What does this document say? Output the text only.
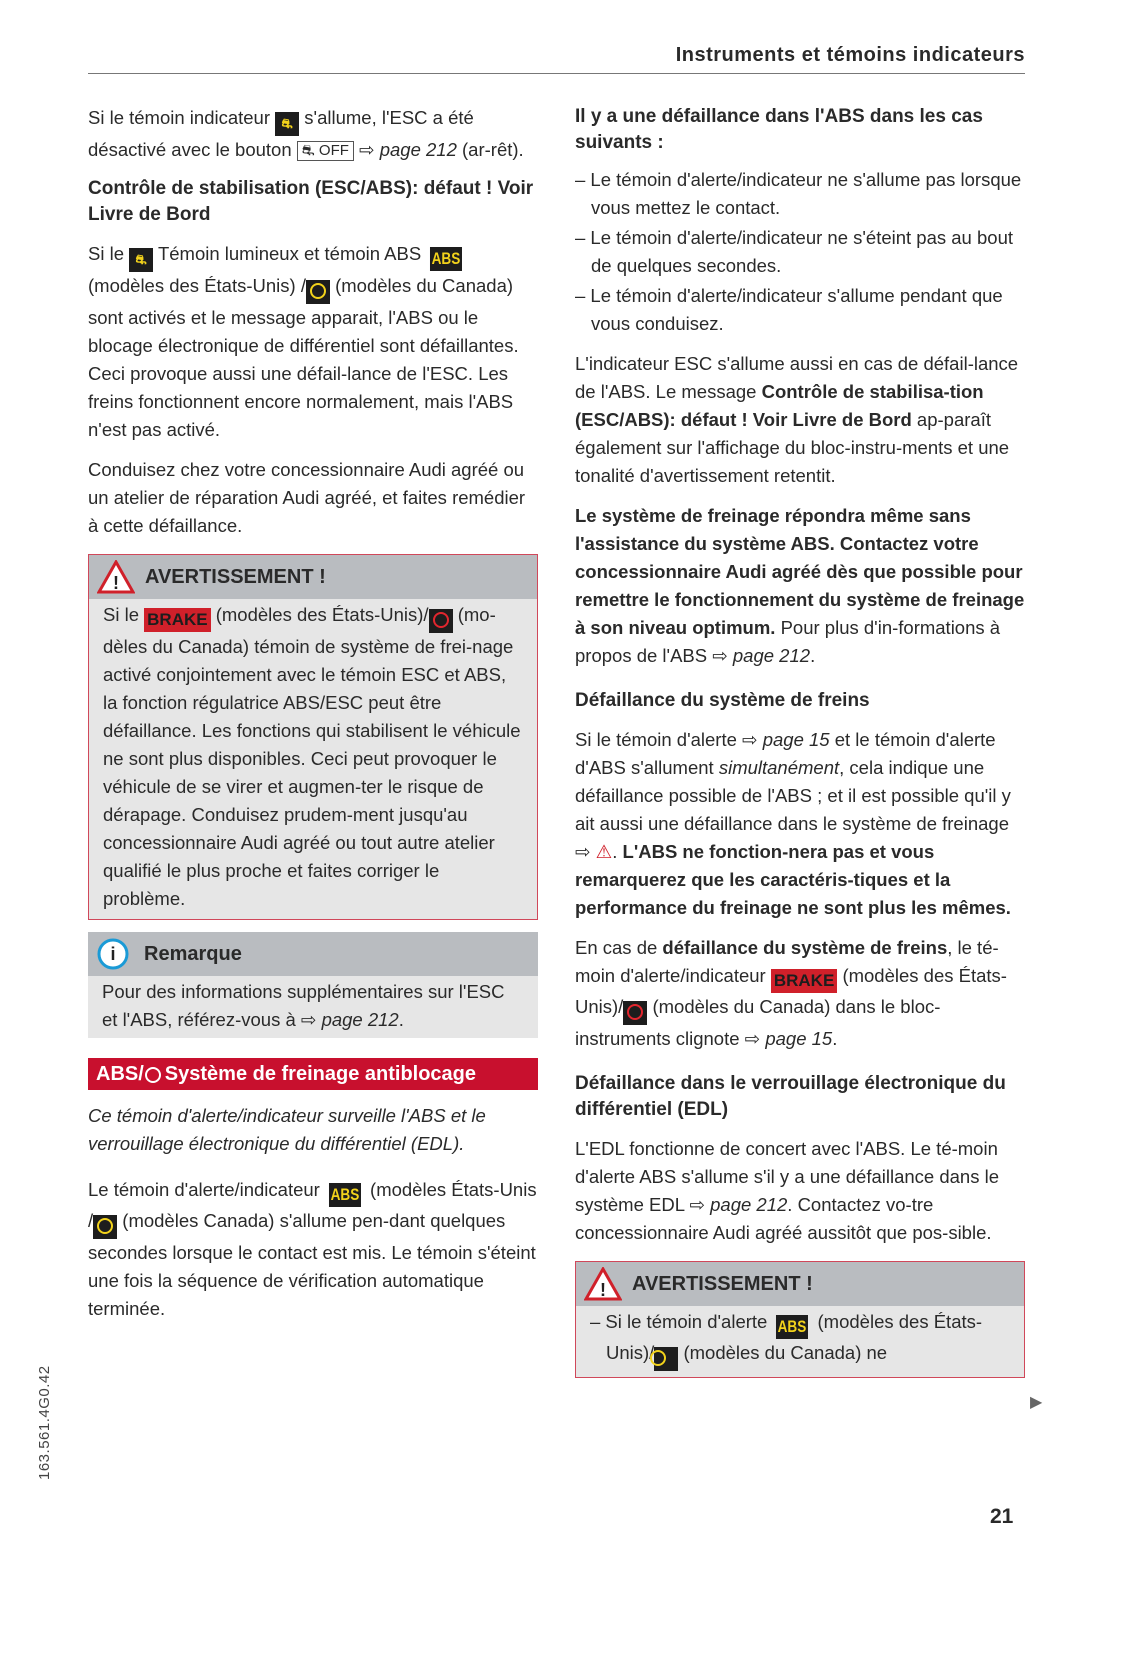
Instruments et témoins indicateurs

Si le témoin indicateur ⛐ s'allume, l'ESC a été désactivé avec le bouton ⛐ OFF ⇨ page 212 (ar-rêt).

Contrôle de stabilisation (ESC/ABS): défaut ! Voir Livre de Bord

Si le ⛐ Témoin lumineux et témoin ABS ABS (modèles des États-Unis) / (modèles du Canada) sont activés et le message apparait, l'ABS ou le blocage électronique de différentiel sont défaillantes. Ceci provoque aussi une défail-lance de l'ESC. Les freins fonctionnent encore normalement, mais l'ABS n'est pas activé.

Conduisez chez votre concessionnaire Audi agréé ou un atelier de réparation Audi agréé, et faites remédier à cette défaillance.

! AVERTISSEMENT !
Si le BRAKE (modèles des États-Unis)/ (mo-dèles du Canada) témoin de système de frei-nage activé conjointement avec le témoin ESC et ABS, la fonction régulatrice ABS/ESC peut être défaillance. Les fonctions qui stabilisent le véhicule ne sont plus disponibles. Ceci peut provoquer le véhicule de se virer et augmen-ter le risque de dérapage. Conduisez prudem-ment jusqu'au concessionnaire Audi agréé ou tout autre atelier qualifié le plus proche et faites corriger le problème.
i Remarque
Pour des informations supplémentaires sur l'ESC et l'ABS, référez-vous à ⇨ page 212.
ABS/ Système de freinage antiblocage

Ce témoin d'alerte/indicateur surveille l'ABS et le verrouillage électronique du différentiel (EDL).

Le témoin d'alerte/indicateur ABS (modèles États-Unis / (modèles Canada) s'allume pen-dant quelques secondes lorsque le contact est mis. Le témoin s'éteint une fois la séquence de vérification automatique terminée.

Il y a une défaillance dans l'ABS dans les cas suivants :
– Le témoin d'alerte/indicateur ne s'allume pas lorsque vous mettez le contact.
– Le témoin d'alerte/indicateur ne s'éteint pas au bout de quelques secondes.
– Le témoin d'alerte/indicateur s'allume pendant que vous conduisez.

L'indicateur ESC s'allume aussi en cas de défail-lance de l'ABS. Le message Contrôle de stabilisa-tion (ESC/ABS): défaut ! Voir Livre de Bord ap-paraît également sur l'affichage du bloc-instru-ments et une tonalité d'avertissement retentit.

Le système de freinage répondra même sans l'assistance du système ABS. Contactez votre concessionnaire Audi agréé dès que possible pour remettre le fonctionnement du système de freinage à son niveau optimum. Pour plus d'in-formations à propos de l'ABS ⇨ page 212.

Défaillance du système de freins

Si le témoin d'alerte ⇨ page 15 et le témoin d'alerte d'ABS s'allument simultanément, cela indique une défaillance possible de l'ABS ; et il est possible qu'il y ait aussi une défaillance dans le système de freinage ⇨ ⚠. L'ABS ne fonction-nera pas et vous remarquerez que les caractéris-tiques et la performance du freinage ne sont plus les mêmes.

En cas de défaillance du système de freins, le té-moin d'alerte/indicateur BRAKE (modèles des États-Unis)/ (modèles du Canada) dans le bloc-instruments clignote ⇨ page 15.

Défaillance dans le verrouillage électronique du différentiel (EDL)

L'EDL fonctionne de concert avec l'ABS. Le té-moin d'alerte ABS s'allume s'il y a une défaillance dans le système EDL ⇨ page 212. Contactez vo-tre concessionnaire Audi agréé aussitôt que pos-sible.

! AVERTISSEMENT !
– Si le témoin d'alerte ABS (modèles des États-Unis)/ (modèles du Canada) ne
▶
163.561.4G0.42
21
